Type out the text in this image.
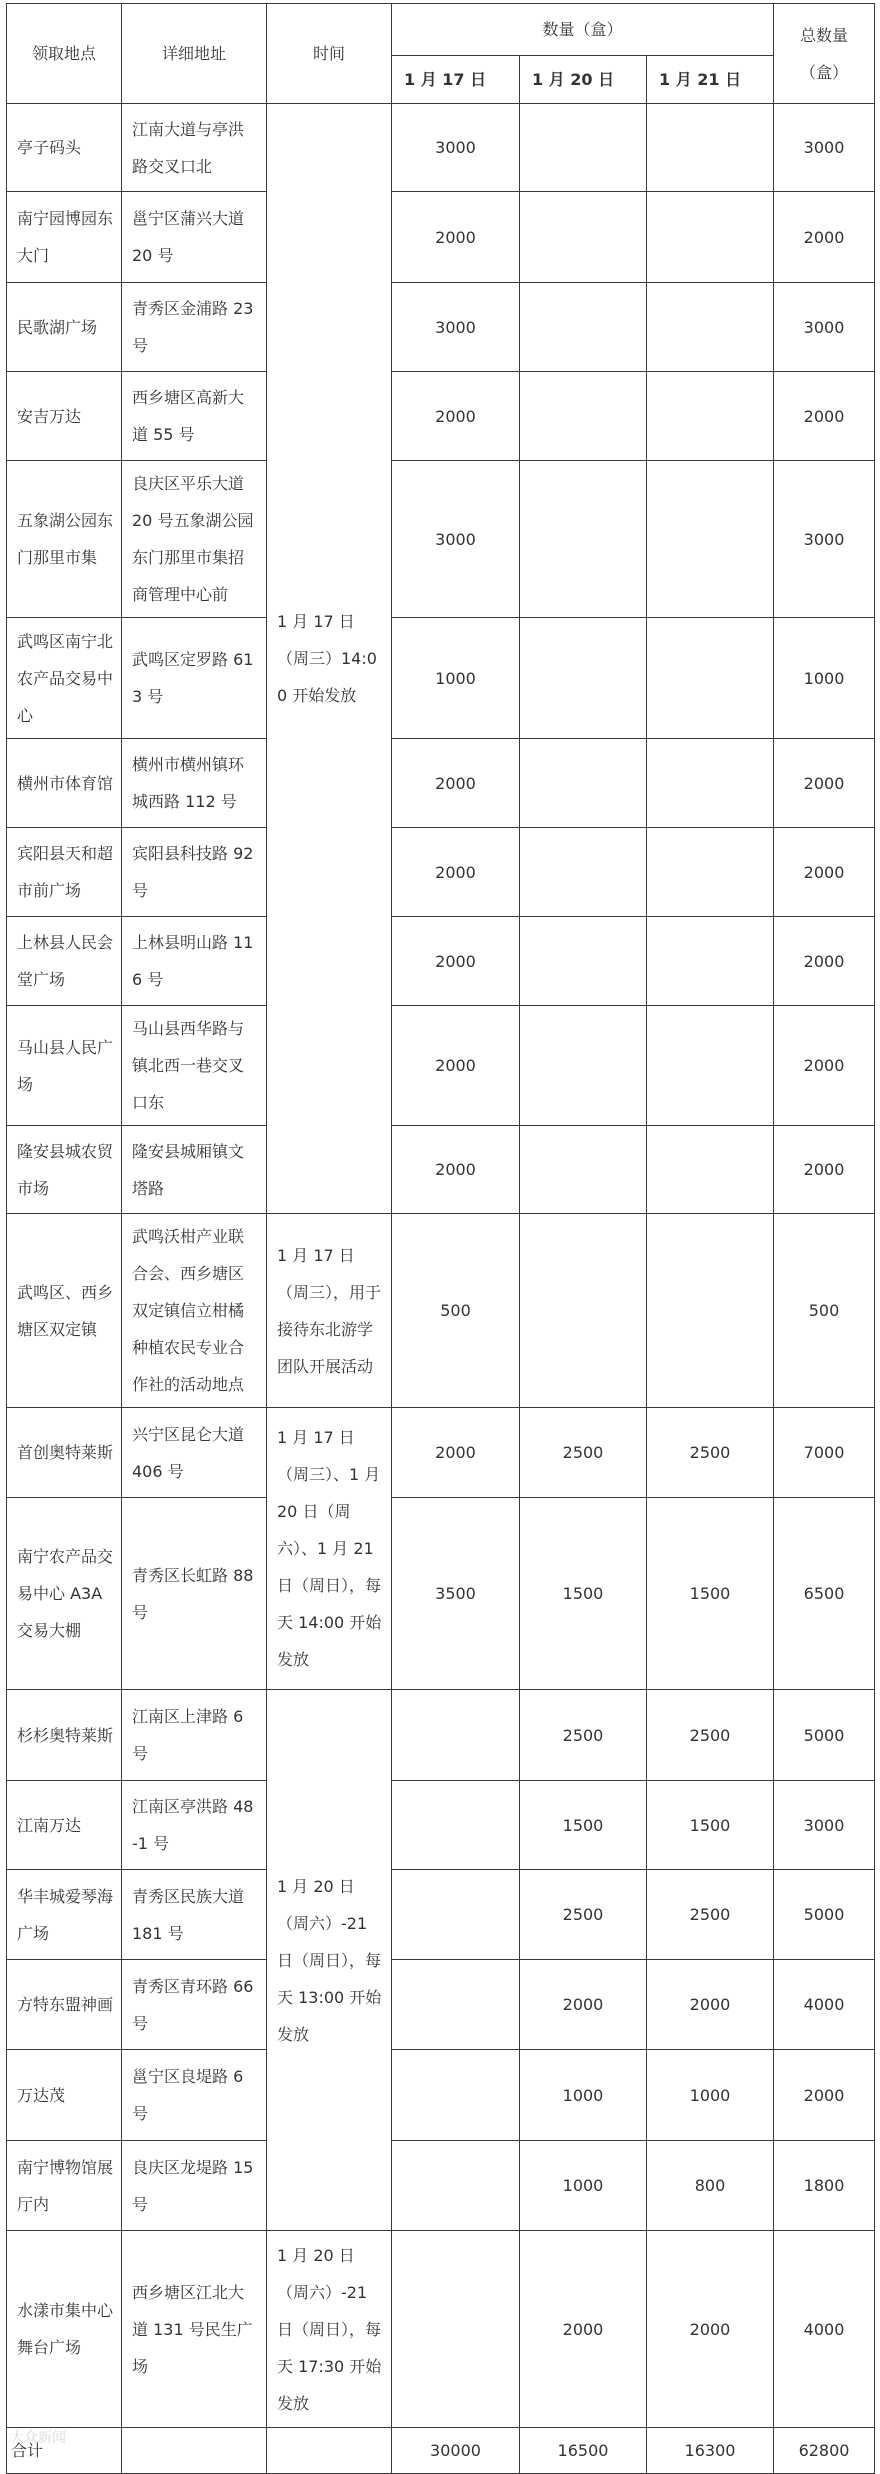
领取地点	详细地址	时间	数量（盒）			总数量（盒）
			1 月 17 日	1 月 20 日	1 月 21 日	
亭子码头	江南大道与亭洪路交叉口北	1 月 17 日（周三）14:00 开始发放	3000			3000
南宁园博园东大门	邕宁区蒲兴大道 20 号		2000			2000
民歌湖广场	青秀区金浦路 23 号		3000			3000
安吉万达	西乡塘区高新大道 55 号		2000			2000
五象湖公园东门那里市集	良庆区平乐大道 20 号五象湖公园东门那里市集招商管理中心前		3000			3000
武鸣区南宁北农产品交易中心	武鸣区定罗路 613 号		1000			1000
横州市体育馆	横州市横州镇环城西路 112 号		2000			2000
宾阳县天和超市前广场	宾阳县科技路 92 号		2000			2000
上林县人民会堂广场	上林县明山路 116 号		2000			2000
马山县人民广场	马山县西华路与镇北西一巷交叉口东		2000			2000
隆安县城农贸市场	隆安县城厢镇文塔路		2000			2000
武鸣区、西乡塘区双定镇	武鸣沃柑产业联合会、西乡塘区双定镇信立柑橘种植农民专业合作社的活动地点	1 月 17 日（周三），用于接待东北游学团队开展活动	500			500
首创奥特莱斯	兴宁区昆仑大道 406 号	1 月 17 日（周三）、1 月 20 日（周六）、1 月 21 日（周日），每天 14:00 开始发放	2000	2500	2500	7000
南宁农产品交易中心 A3A 交易大棚	青秀区长虹路 88 号		3500	1500	1500	6500
杉杉奥特莱斯	江南区上津路 6 号	1 月 20 日（周六）-21 日（周日），每天 13:00 开始发放		2500	2500	5000
江南万达	江南区亭洪路 48-1 号			1500	1500	3000
华丰城爱琴海广场	青秀区民族大道 181 号			2500	2500	5000
方特东盟神画	青秀区青环路 66 号			2000	2000	4000
万达茂	邕宁区良堤路 6 号			1000	1000	2000
南宁博物馆展厅内	良庆区龙堤路 15 号			1000	800	1800
水漾市集中心舞台广场	西乡塘区江北大道 131 号民生广场	1 月 20 日（周六）-21 日（周日），每天 17:30 开始发放		2000	2000	4000
合计			30000	16500	16300	62800
大众新闻
